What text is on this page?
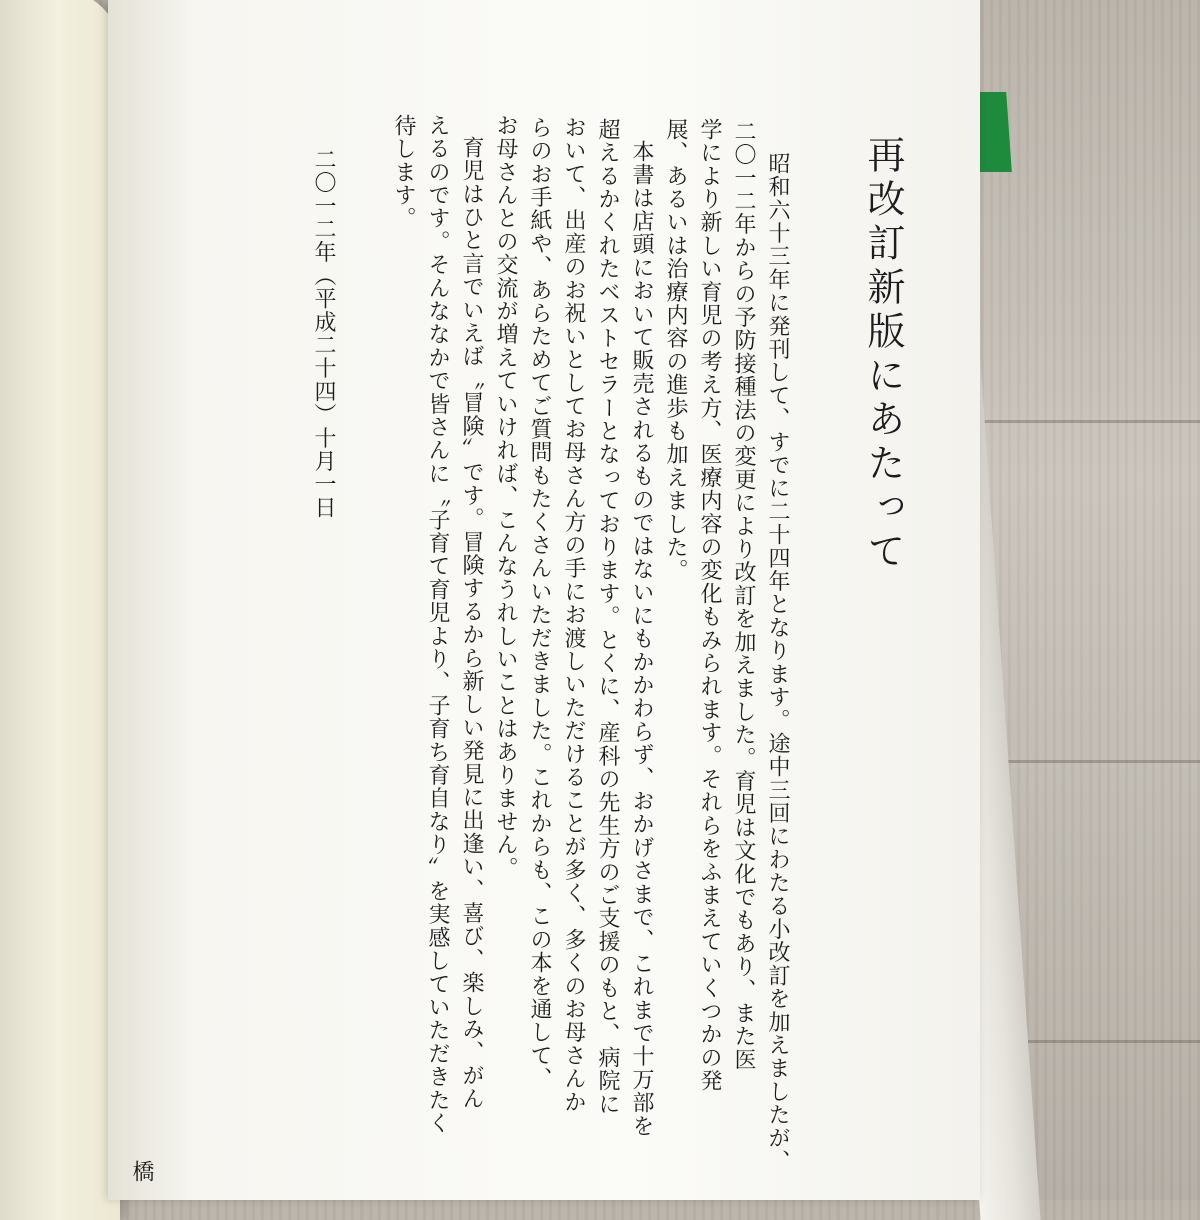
再改訂新版にあたって
昭和六十三年に発刊して、すでに二十四年となります。途中三回にわたる小改訂を加えましたが、
二〇一二年からの予防接種法の変更により改訂を加えました。育児は文化でもあり、また医
学により新しい育児の考え方、医療内容の変化もみられます。それらをふまえていくつかの発
展、あるいは治療内容の進歩も加えました。
本書は店頭において販売されるものではないにもかかわらず、おかげさまで、これまで十万部を
超えるかくれたベストセラーとなっております。とくに、産科の先生方のご支援のもと、病院に
おいて、出産のお祝いとしてお母さん方の手にお渡しいただけることが多く、多くのお母さんか
らのお手紙や、あらためてご質問もたくさんいただきました。これからも、この本を通して、
お母さんとの交流が増えていければ、こんなうれしいことはありません。
育児はひと言でいえば〝冒険〟です。冒険するから新しい発見に出逢い、喜び、楽しみ、がん
えるのです。そんななかで皆さんに〝子育て育児より、子育ち育自なり〟を実感していただきたく
待します。
二〇一二年（平成二十四）十月一日
橋
